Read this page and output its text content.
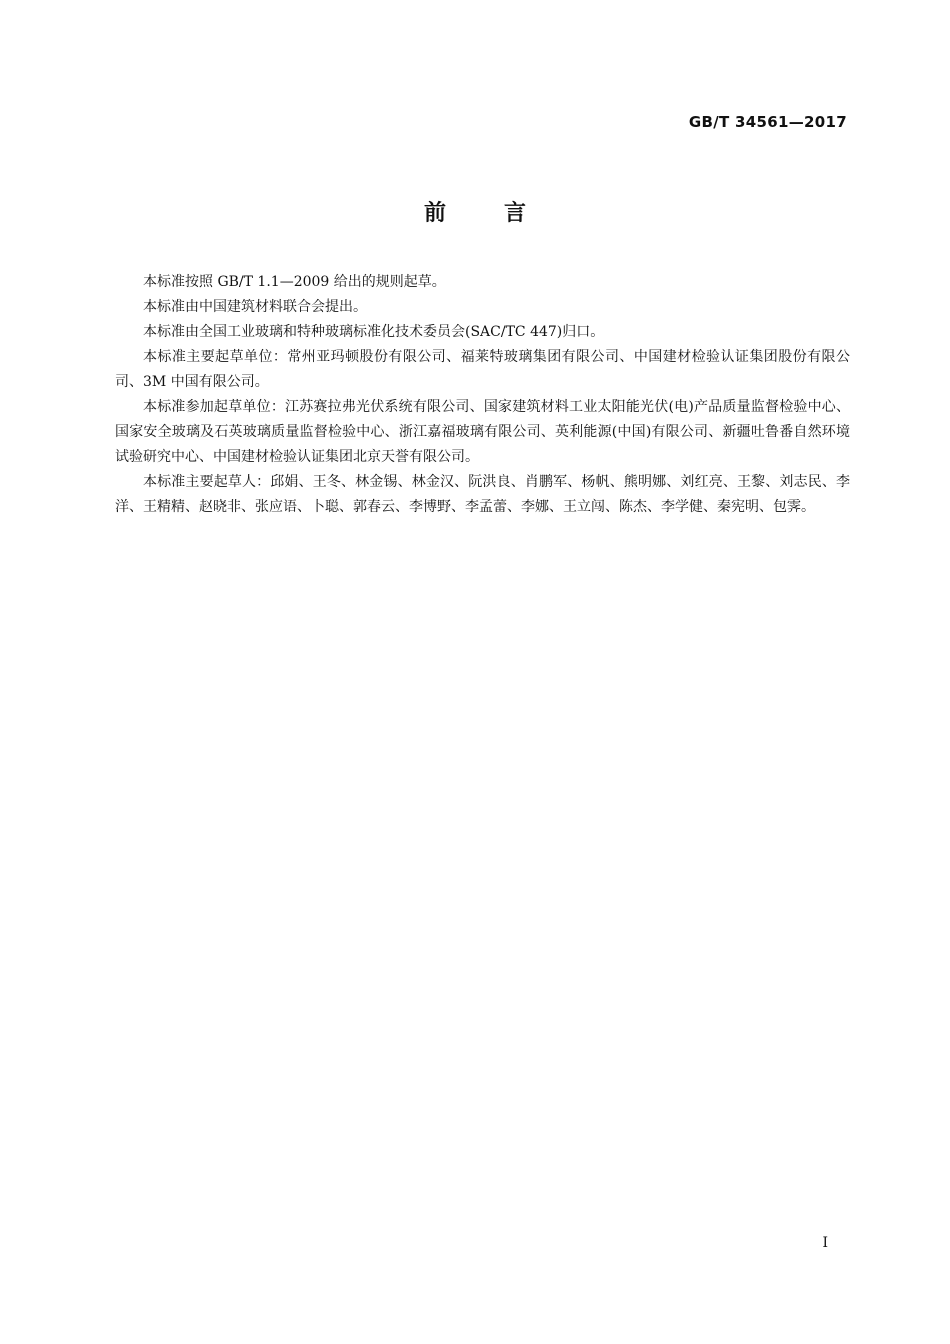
GB/T 34561—2017
前言

本标准按照 GB/T 1.1—2009 给出的规则起草。

本标准由中国建筑材料联合会提出。

本标准由全国工业玻璃和特种玻璃标准化技术委员会(SAC/TC 447)归口。

本标准主要起草单位：常州亚玛顿股份有限公司、福莱特玻璃集团有限公司、中国建材检验认证集团股份有限公司、3M 中国有限公司。

本标准参加起草单位：江苏赛拉弗光伏系统有限公司、国家建筑材料工业太阳能光伏(电)产品质量监督检验中心、国家安全玻璃及石英玻璃质量监督检验中心、浙江嘉福玻璃有限公司、英利能源(中国)有限公司、新疆吐鲁番自然环境试验研究中心、中国建材检验认证集团北京天誉有限公司。

本标准主要起草人：邱娟、王冬、林金锡、林金汉、阮洪良、肖鹏军、杨帆、熊明娜、刘红亮、王黎、刘志民、李洋、王精精、赵晓非、张应语、卜聪、郭春云、李博野、李孟蕾、李娜、王立闯、陈杰、李学健、秦宪明、包霁。

I
